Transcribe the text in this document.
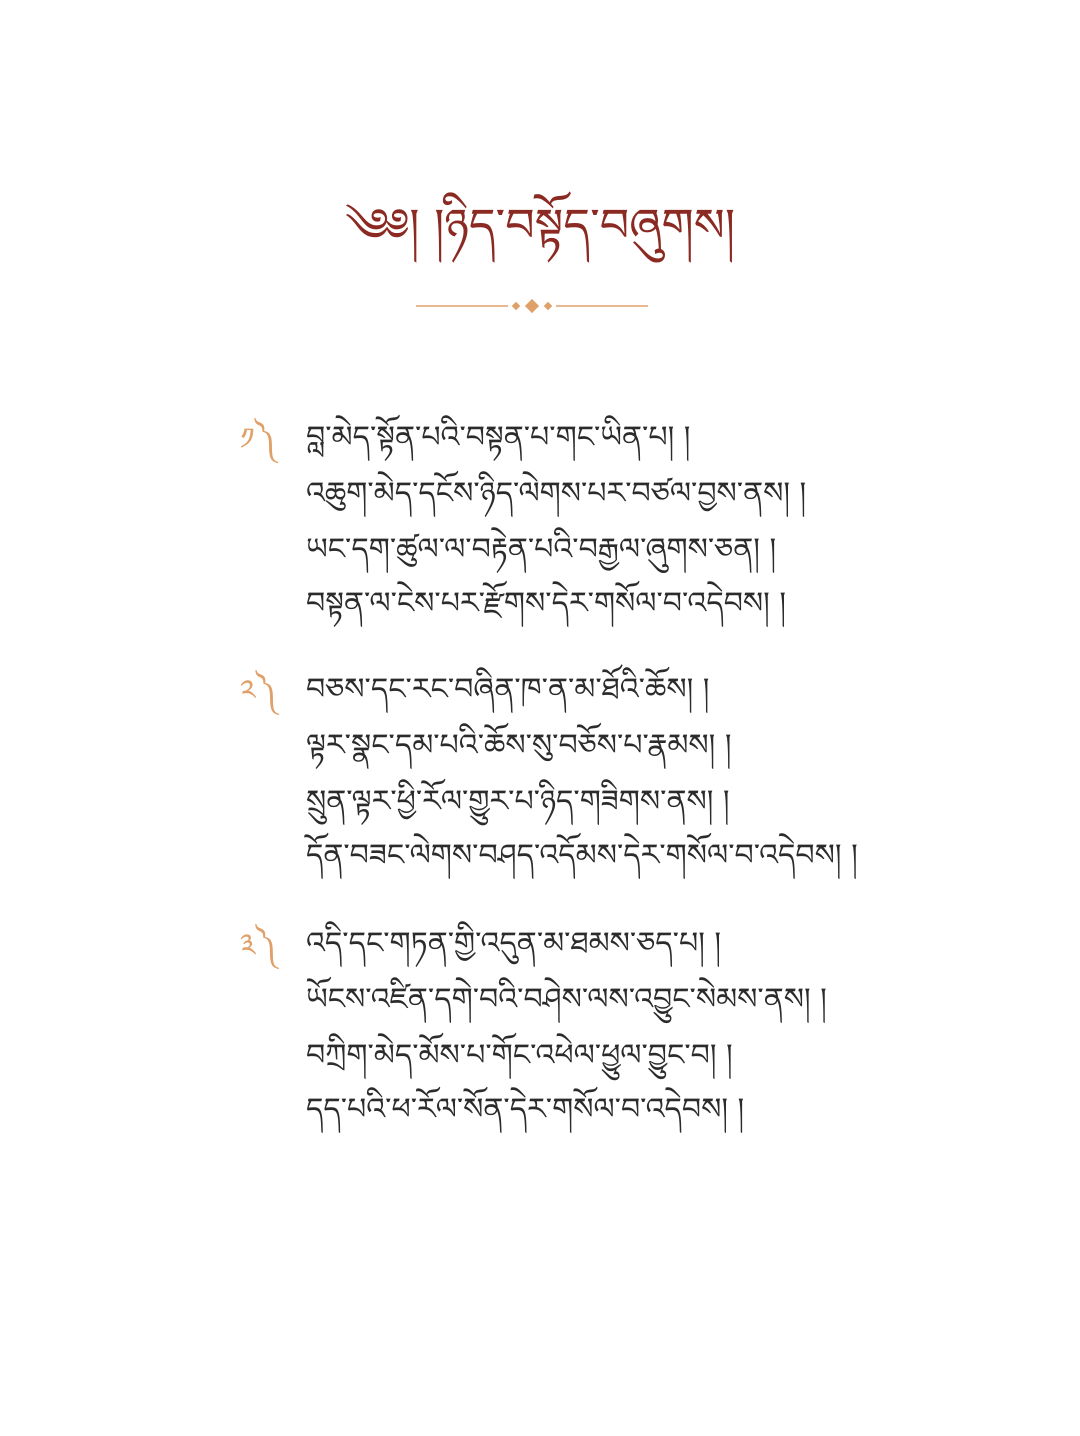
༄༅། །ཉིད་བསྟོད་བཞུགས།
༡༽ བླ་མེད་སྟོན་པའི་བསྟན་པ་གང་ཡིན་པ། །
འཆུག་མེད་དངོས་ཉིད་ལེགས་པར་བཙལ་བྱས་ནས། །
ཡང་དག་ཚུལ་ལ་བརྟེན་པའི་བརྒྱལ་ཞུགས་ཅན། །
བསྟན་ལ་ངེས་པར་རྫོགས་དེར་གསོལ་བ་འདེབས། །
༢༽ བཅས་དང་རང་བཞིན་ཁ་ན་མ་ཐོའི་ཆོས། །
ལྟར་སྣང་དམ་པའི་ཆོས་སུ་བཅོས་པ་རྣམས། །
སྲུན་ལྟར་ཕྱི་རོལ་གྱུར་པ་ཉིད་གཟིགས་ནས། །
དོན་བཟང་ལེགས་བཤད་འདོམས་དེར་གསོལ་བ་འདེབས། །
༣༽ འདི་དང་གཏན་གྱི་འདུན་མ་ཐམས་ཅད་པ། །
ཡོངས་འཛིན་དགེ་བའི་བཤེས་ལས་འབྱུང་སེམས་ནས། །
བཀྲིག་མེད་མོས་པ་གོང་འཕེལ་ཕྱུལ་བྱུང་བ། །
དད་པའི་ཕ་རོལ་སོན་དེར་གསོལ་བ་འདེབས། །
